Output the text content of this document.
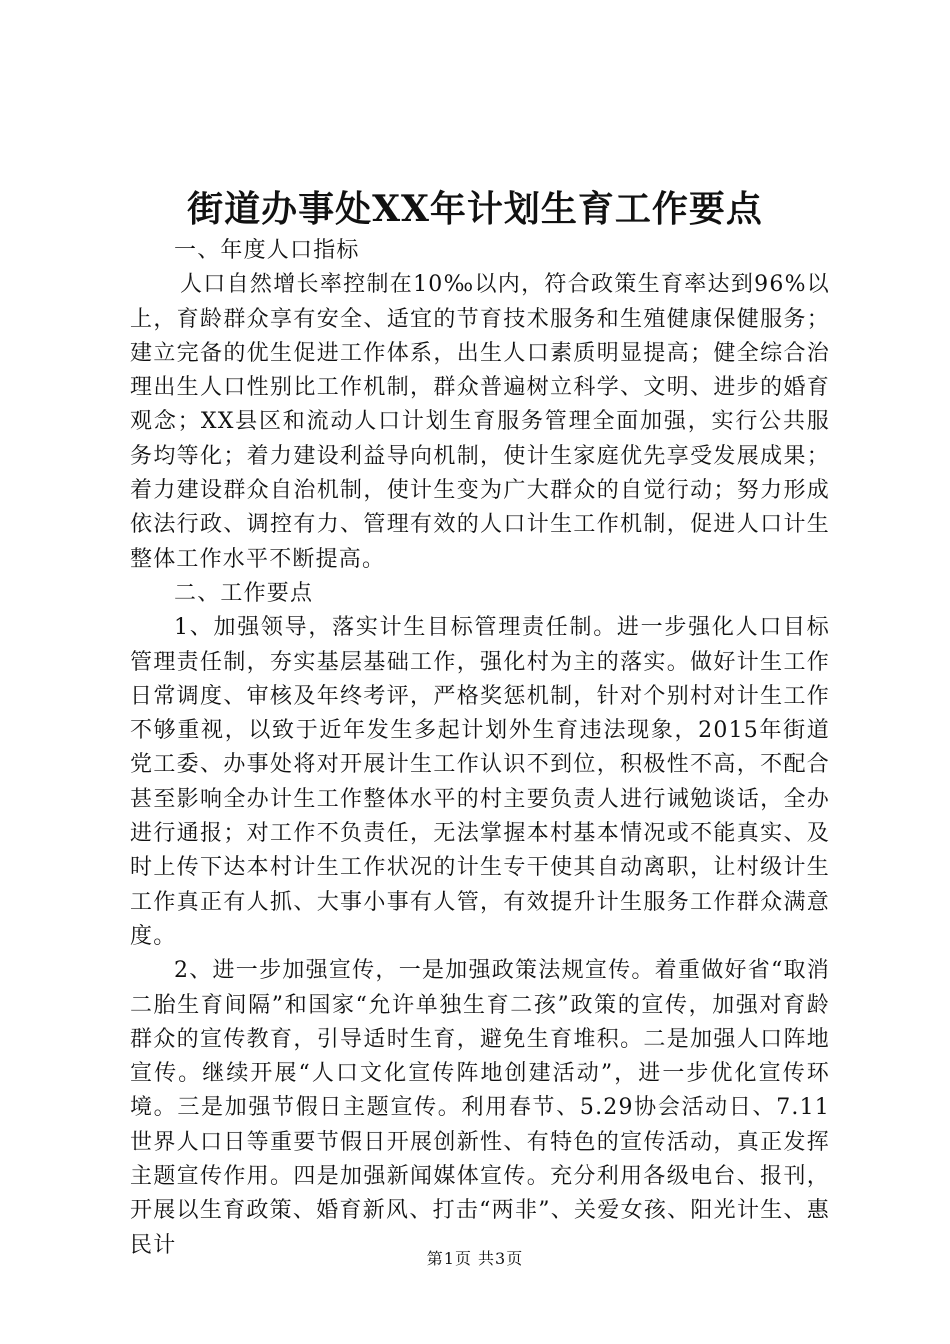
街道办事处XX年计划生育工作要点

一、年度人口指标

人口自然增长率控制在10‰以内，符合政策生育率达到96%以上，育龄群众享有安全、适宜的节育技术服务和生殖健康保健服务；建立完备的优生促进工作体系，出生人口素质明显提高；健全综合治理出生人口性别比工作机制，群众普遍树立科学、文明、进步的婚育观念；XX县区和流动人口计划生育服务管理全面加强，实行公共服务均等化；着力建设利益导向机制，使计生家庭优先享受发展成果；着力建设群众自治机制，使计生变为广大群众的自觉行动；努力形成依法行政、调控有力、管理有效的人口计生工作机制，促进人口计生整体工作水平不断提高。

二、工作要点

1、加强领导，落实计生目标管理责任制。进一步强化人口目标管理责任制，夯实基层基础工作，强化村为主的落实。做好计生工作日常调度、审核及年终考评，严格奖惩机制，针对个别村对计生工作不够重视，以致于近年发生多起计划外生育违法现象，2015年街道党工委、办事处将对开展计生工作认识不到位，积极性不高，不配合甚至影响全办计生工作整体水平的村主要负责人进行诫勉谈话，全办进行通报；对工作不负责任，无法掌握本村基本情况或不能真实、及时上传下达本村计生工作状况的计生专干使其自动离职，让村级计生工作真正有人抓、大事小事有人管，有效提升计生服务工作群众满意度。

2、进一步加强宣传，一是加强政策法规宣传。着重做好省“取消二胎生育间隔”和国家“允许单独生育二孩”政策的宣传，加强对育龄群众的宣传教育，引导适时生育，避免生育堆积。二是加强人口阵地宣传。继续开展“人口文化宣传阵地创建活动”，进一步优化宣传环境。三是加强节假日主题宣传。利用春节、5.29协会活动日、7.11世界人口日等重要节假日开展创新性、有特色的宣传活动，真正发挥主题宣传作用。四是加强新闻媒体宣传。充分利用各级电台、报刊，开展以生育政策、婚育新风、打击“两非”、关爱女孩、阳光计生、惠民计

第1页 共3页
